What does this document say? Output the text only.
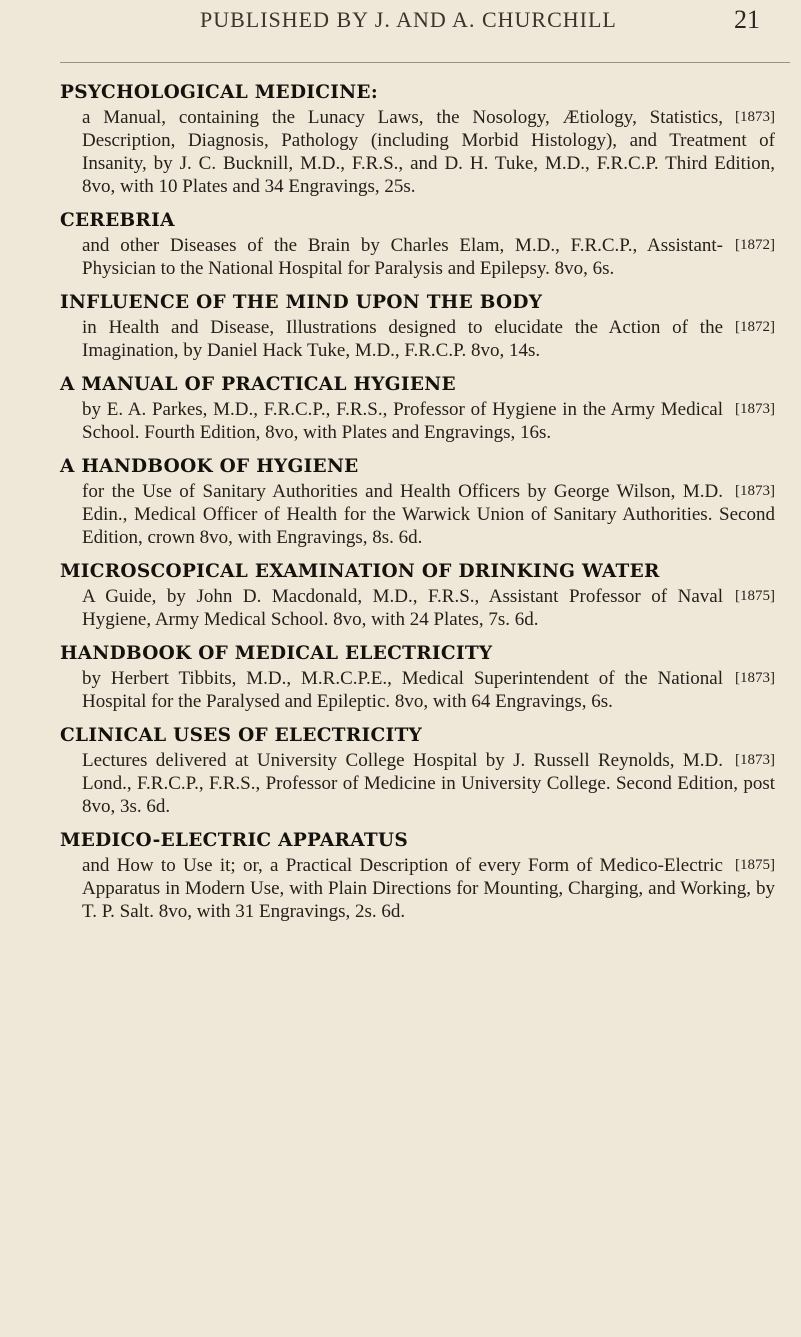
PUBLISHED BY J. AND A. CHURCHILL	21
PSYCHOLOGICAL MEDICINE:

[1873]
a Manual, containing the Lunacy Laws, the Nosology, Ætiology, Statistics, Description, Diagnosis, Pathology (including Morbid Histology), and Treatment of Insanity, by J. C. Bucknill, M.D., F.R.S., and D. H. Tuke, M.D., F.R.C.P. Third Edition, 8vo, with 10 Plates and 34 Engravings, 25s.

CEREBRIA

[1872]
and other Diseases of the Brain by Charles Elam, M.D., F.R.C.P., Assistant-Physician to the National Hospital for Paralysis and Epilepsy. 8vo, 6s.

INFLUENCE OF THE MIND UPON THE BODY

[1872]
in Health and Disease, Illustrations designed to elucidate the Action of the Imagination, by Daniel Hack Tuke, M.D., F.R.C.P. 8vo, 14s.

A MANUAL OF PRACTICAL HYGIENE

[1873]
by E. A. Parkes, M.D., F.R.C.P., F.R.S., Professor of Hygiene in the Army Medical School. Fourth Edition, 8vo, with Plates and Engravings, 16s.

A HANDBOOK OF HYGIENE

[1873]
for the Use of Sanitary Authorities and Health Officers by George Wilson, M.D. Edin., Medical Officer of Health for the Warwick Union of Sanitary Authorities. Second Edition, crown 8vo, with Engravings, 8s. 6d.

MICROSCOPICAL EXAMINATION OF DRINKING WATER

[1875]
A Guide, by John D. Macdonald, M.D., F.R.S., Assistant Professor of Naval Hygiene, Army Medical School. 8vo, with 24 Plates, 7s. 6d.

HANDBOOK OF MEDICAL ELECTRICITY

[1873]
by Herbert Tibbits, M.D., M.R.C.P.E., Medical Superintendent of the National Hospital for the Paralysed and Epileptic. 8vo, with 64 Engravings, 6s.

CLINICAL USES OF ELECTRICITY

[1873]
Lectures delivered at University College Hospital by J. Russell Reynolds, M.D. Lond., F.R.C.P., F.R.S., Professor of Medicine in University College. Second Edition, post 8vo, 3s. 6d.

MEDICO-ELECTRIC APPARATUS

[1875]
and How to Use it; or, a Practical Description of every Form of Medico-Electric Apparatus in Modern Use, with Plain Directions for Mounting, Charging, and Working, by T. P. Salt. 8vo, with 31 Engravings, 2s. 6d.
